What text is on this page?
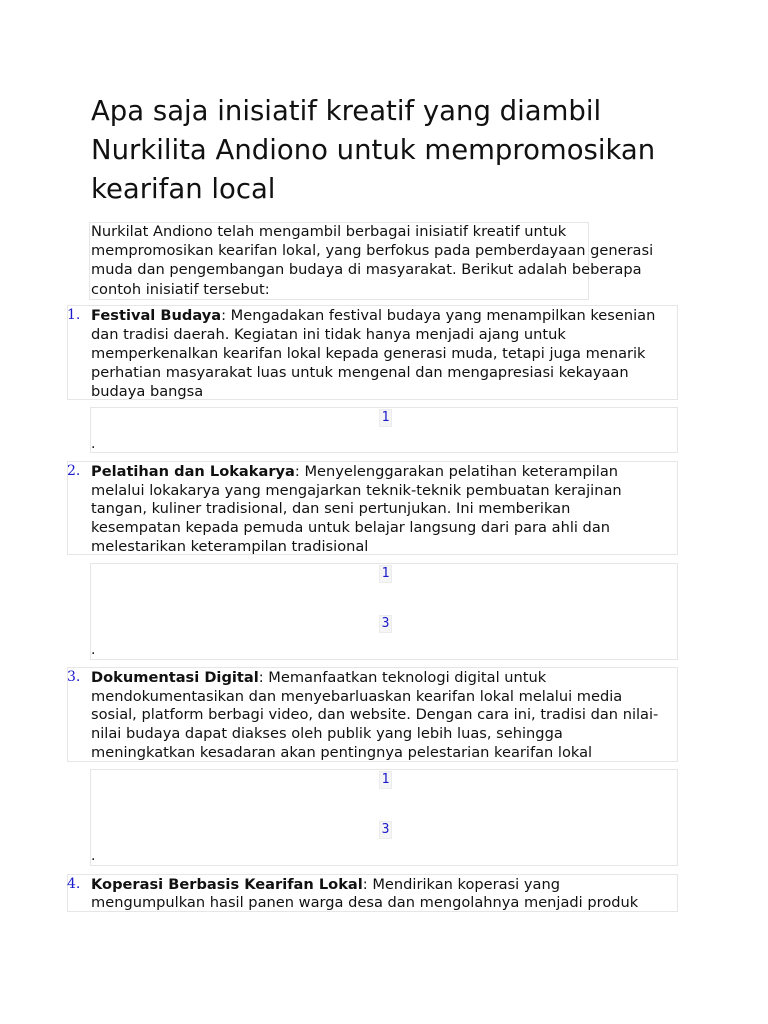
Apa saja inisiatif kreatif yang diambil
Nurkilita Andiono untuk mempromosikan
kearifan local
Nurkilat Andiono telah mengambil berbagai inisiatif kreatif untuk
mempromosikan kearifan lokal, yang berfokus pada pemberdayaan generasi
muda dan pengembangan budaya di masyarakat. Berikut adalah beberapa
contoh inisiatif tersebut:
1. Festival Budaya: Mengadakan festival budaya yang menampilkan kesenian
dan tradisi daerah. Kegiatan ini tidak hanya menjadi ajang untuk
memperkenalkan kearifan lokal kepada generasi muda, tetapi juga menarik
perhatian masyarakat luas untuk mengenal dan mengapresiasi kekayaan
budaya bangsa
1
.
2. Pelatihan dan Lokakarya: Menyelenggarakan pelatihan keterampilan
melalui lokakarya yang mengajarkan teknik-teknik pembuatan kerajinan
tangan, kuliner tradisional, dan seni pertunjukan. Ini memberikan
kesempatan kepada pemuda untuk belajar langsung dari para ahli dan
melestarikan keterampilan tradisional
1
3
.
3. Dokumentasi Digital: Memanfaatkan teknologi digital untuk
mendokumentasikan dan menyebarluaskan kearifan lokal melalui media
sosial, platform berbagi video, dan website. Dengan cara ini, tradisi dan nilai-
nilai budaya dapat diakses oleh publik yang lebih luas, sehingga
meningkatkan kesadaran akan pentingnya pelestarian kearifan lokal
1
3
.
4. Koperasi Berbasis Kearifan Lokal: Mendirikan koperasi yang
mengumpulkan hasil panen warga desa dan mengolahnya menjadi produk
